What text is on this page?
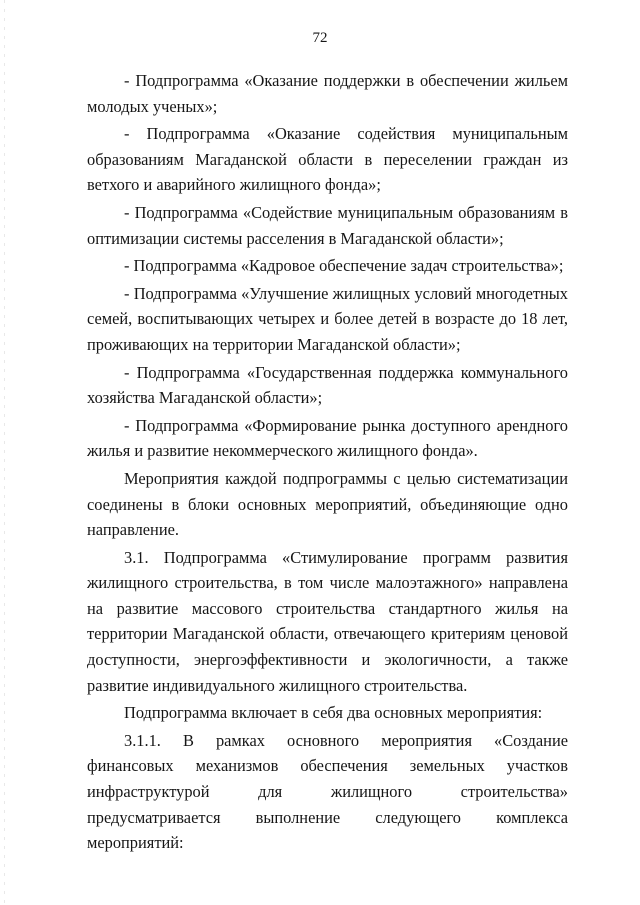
72

- Подпрограмма «Оказание поддержки в обеспечении жильем молодых ученых»;

- Подпрограмма «Оказание содействия муниципальным образованиям Магаданской области в переселении граждан из ветхого и аварийного жилищного фонда»;

- Подпрограмма «Содействие муниципальным образованиям в оптимизации системы расселения в Магаданской области»;

- Подпрограмма «Кадровое обеспечение задач строительства»;

- Подпрограмма «Улучшение жилищных условий многодетных семей, воспитывающих четырех и более детей в возрасте до 18 лет, проживающих на территории Магаданской области»;

- Подпрограмма «Государственная поддержка коммунального хозяйства Магаданской области»;

- Подпрограмма «Формирование рынка доступного арендного жилья и развитие некоммерческого жилищного фонда».

Мероприятия каждой подпрограммы с целью систематизации соединены в блоки основных мероприятий, объединяющие одно направление.

3.1. Подпрограмма «Стимулирование программ развития жилищного строительства, в том числе малоэтажного» направлена на развитие массового строительства стандартного жилья на территории Магаданской области, отвечающего критериям ценовой доступности, энергоэффективности и экологичности, а также развитие индивидуального жилищного строительства.

Подпрограмма включает в себя два основных мероприятия:

3.1.1. В рамках основного мероприятия «Создание финансовых механизмов обеспечения земельных участков инфраструктурой для жилищного строительства» предусматривается выполнение следующего комплекса мероприятий:
